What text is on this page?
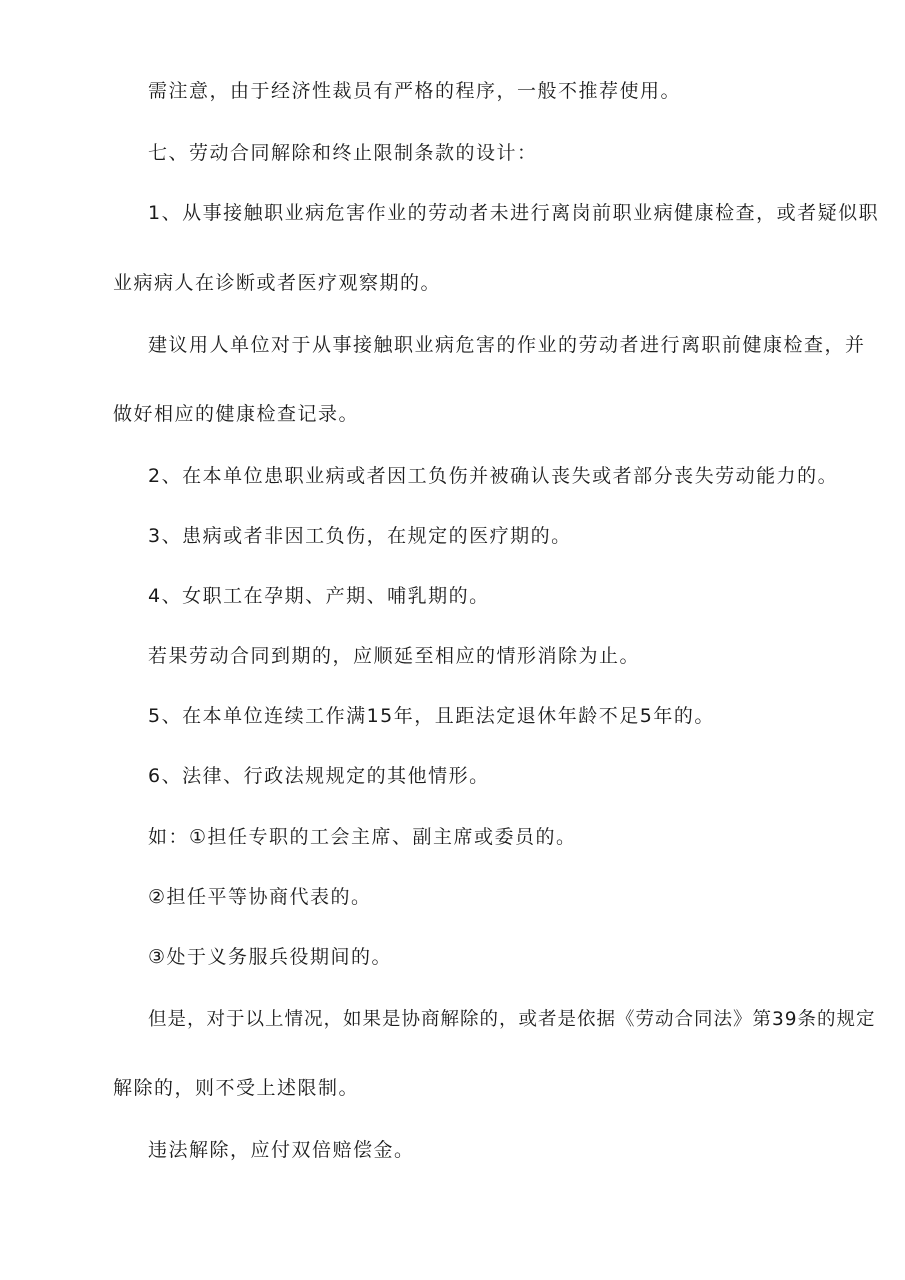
需注意，由于经济性裁员有严格的程序，一般不推荐使用。
七、劳动合同解除和终止限制条款的设计：
1、从事接触职业病危害作业的劳动者未进行离岗前职业病健康检查，或者疑似职
业病病人在诊断或者医疗观察期的。
建议用人单位对于从事接触职业病危害的作业的劳动者进行离职前健康检查，并
做好相应的健康检查记录。
2、在本单位患职业病或者因工负伤并被确认丧失或者部分丧失劳动能力的。
3、患病或者非因工负伤，在规定的医疗期的。
4、女职工在孕期、产期、哺乳期的。
若果劳动合同到期的，应顺延至相应的情形消除为止。
5、在本单位连续工作满15年，且距法定退休年龄不足5年的。
6、法律、行政法规规定的其他情形。
如：①担任专职的工会主席、副主席或委员的。
②担任平等协商代表的。
③处于义务服兵役期间的。
但是，对于以上情况，如果是协商解除的，或者是依据《劳动合同法》第39条的规定
解除的，则不受上述限制。
违法解除，应付双倍赔偿金。
